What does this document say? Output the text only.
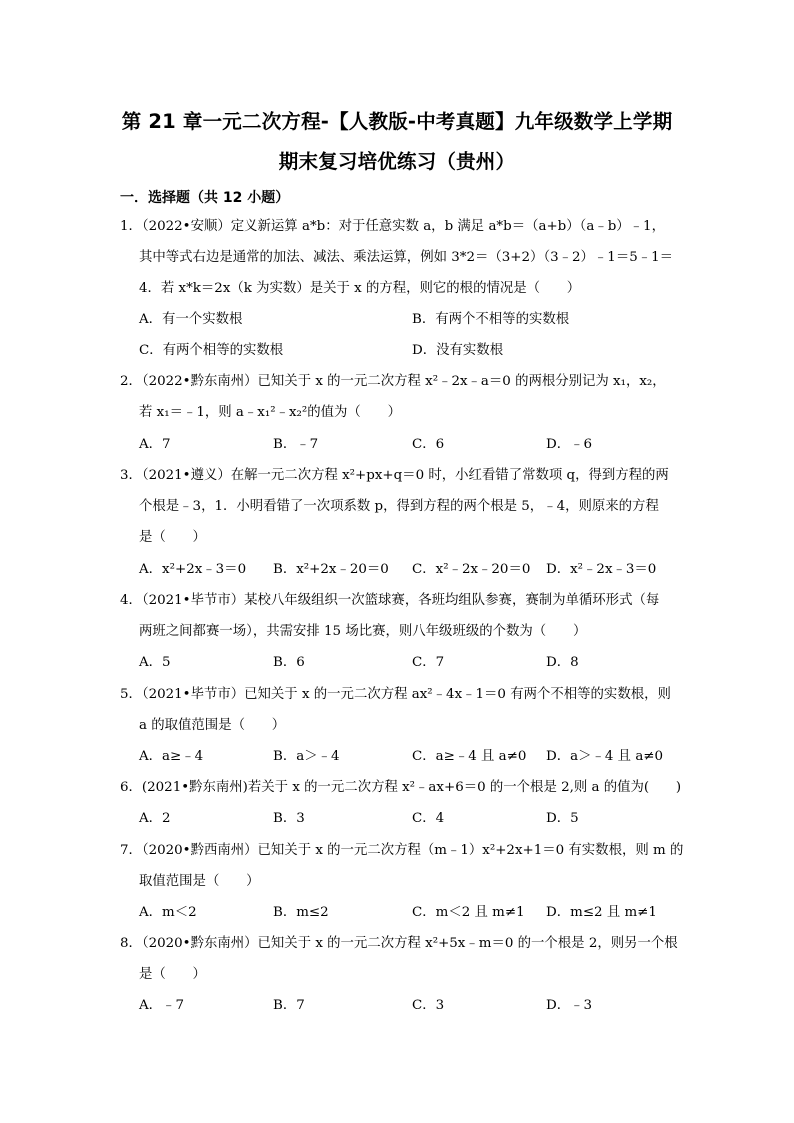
第 21 章一元二次方程-【人教版-中考真题】九年级数学上学期
期末复习培优练习（贵州）
一．选择题（共 12 小题）
1．（2022•安顺）定义新运算 a*b：对于任意实数 a，b 满足 a*b＝（a+b）（a﹣b）﹣1，
其中等式右边是通常的加法、减法、乘法运算，例如 3*2＝（3+2）（3﹣2）﹣1＝5﹣1＝
4．若 x*k＝2x（k 为实数）是关于 x 的方程，则它的根的情况是（　　）
A．有一个实数根	B．有两个不相等的实数根
C．有两个相等的实数根	D．没有实数根
2．（2022•黔东南州）已知关于 x 的一元二次方程 x²﹣2x﹣a＝0 的两根分别记为 x₁，x₂，
若 x₁＝﹣1，则 a﹣x₁²﹣x₂²的值为（　　）
A．7	B．﹣7	C．6	D．﹣6
3．（2021•遵义）在解一元二次方程 x²+px+q＝0 时，小红看错了常数项 q，得到方程的两
个根是﹣3，1．小明看错了一次项系数 p，得到方程的两个根是 5，﹣4，则原来的方程
是（　　）
A．x²+2x﹣3＝0 B．x²+2x﹣20＝0 C．x²﹣2x﹣20＝0 D．x²﹣2x﹣3＝0
4．（2021•毕节市）某校八年级组织一次篮球赛，各班均组队参赛，赛制为单循环形式（每
两班之间都赛一场），共需安排 15 场比赛，则八年级班级的个数为（　　）
A．5	B．6	C．7	D．8
5．（2021•毕节市）已知关于 x 的一元二次方程 ax²﹣4x﹣1＝0 有两个不相等的实数根，则
a 的取值范围是（　　）
A．a≥﹣4	B．a＞﹣4	C．a≥﹣4 且 a≠0 D．a＞﹣4 且 a≠0
6．(2021•黔东南州)若关于 x 的一元二次方程 x²﹣ax+6＝0 的一个根是 2,则 a 的值为(　　)
A．2	B．3	C．4	D．5
7．（2020•黔西南州）已知关于 x 的一元二次方程（m﹣1）x²+2x+1＝0 有实数根，则 m 的
取值范围是（　　）
A．m＜2	B．m≤2	C．m＜2 且 m≠1 D．m≤2 且 m≠1
8．（2020•黔东南州）已知关于 x 的一元二次方程 x²+5x﹣m＝0 的一个根是 2，则另一个根
是（　　）
A．﹣7	B．7	C．3	D．﹣3
